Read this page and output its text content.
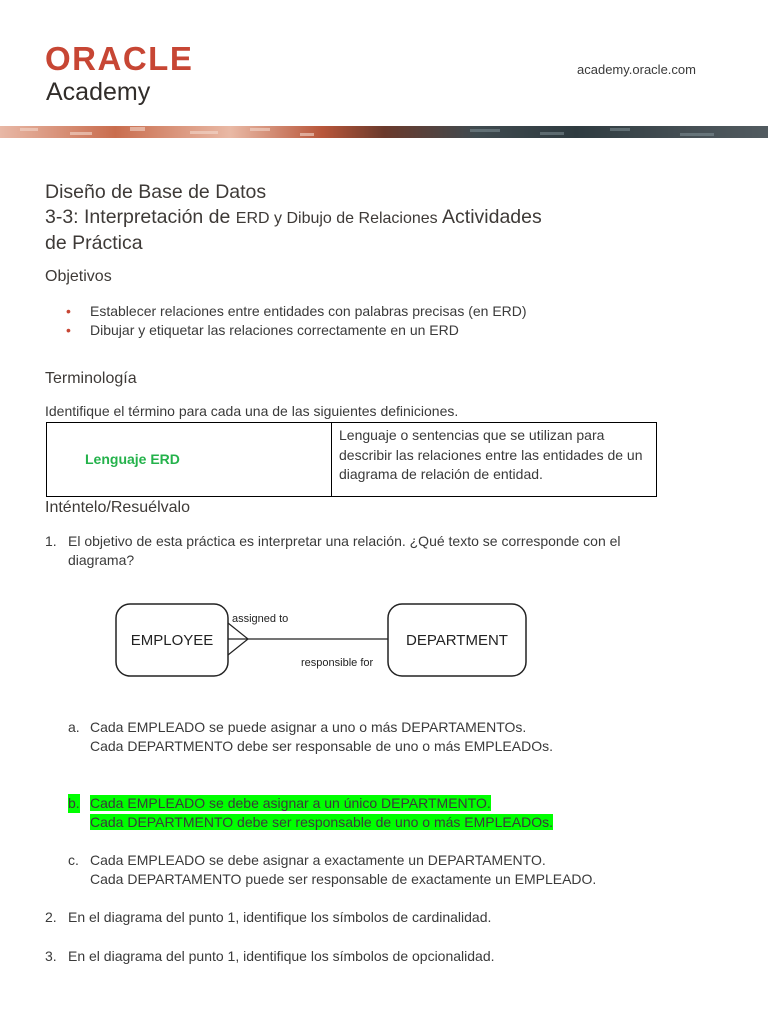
ORACLE
Academy
academy.oracle.com
Diseño de Base de Datos
3-3: Interpretación de ERD y Dibujo de Relaciones Actividades
de Práctica
Objetivos
• Establecer relaciones entre entidades con palabras precisas (en ERD)
• Dibujar y etiquetar las relaciones correctamente en un ERD
Terminología
Identifique el término para cada una de las siguientes definiciones.
Lenguaje ERD
Lenguaje o sentencias que se utilizan para describir las relaciones entre las entidades de un diagrama de relación de entidad.
Inténtelo/Resuélvalo
1. El objetivo de esta práctica es interpretar una relación. ¿Qué texto se corresponde con el diagrama?
EMPLOYEE	DEPARTMENT
assigned to
responsible for
a. Cada EMPLEADO se puede asignar a uno o más DEPARTAMENTOs.
Cada DEPARTMENTO debe ser responsable de uno o más EMPLEADOs.
b. Cada EMPLEADO se debe asignar a un único DEPARTMENTO.
Cada DEPARTMENTO debe ser responsable de uno o más EMPLEADOs.
c. Cada EMPLEADO se debe asignar a exactamente un DEPARTAMENTO.
Cada DEPARTAMENTO puede ser responsable de exactamente un EMPLEADO.
2. En el diagrama del punto 1, identifique los símbolos de cardinalidad.
3. En el diagrama del punto 1, identifique los símbolos de opcionalidad.
